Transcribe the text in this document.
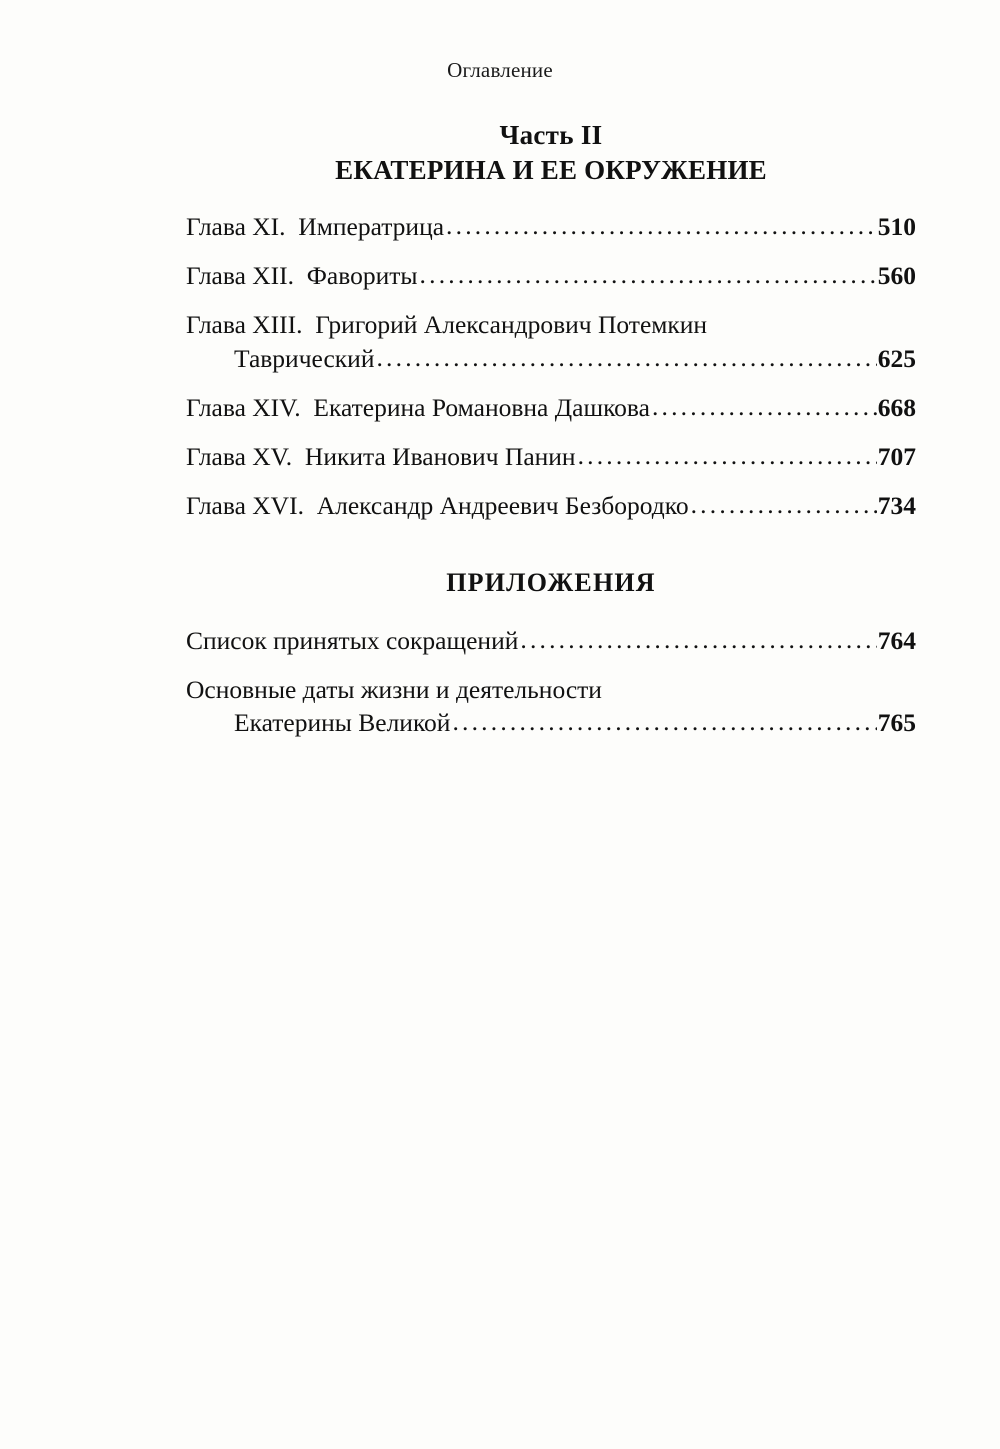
Оглавление
Часть II
ЕКАТЕРИНА И ЕЕ ОКРУЖЕНИЕ
Глава XI.  Императрица .....	510
Глава XII.  Фавориты .....	560
Глава XIII.  Григорий Александрович Потемкин
Таврический .....	625
Глава XIV.  Екатерина Романовна Дашкова .....	668
Глава XV.  Никита Иванович Панин .....	707
Глава XVI.  Александр Андреевич Безбородко .....	734
ПРИЛОЖЕНИЯ
Список принятых сокращений .....	764
Основные даты жизни и деятельности
Екатерины Великой .....	765
